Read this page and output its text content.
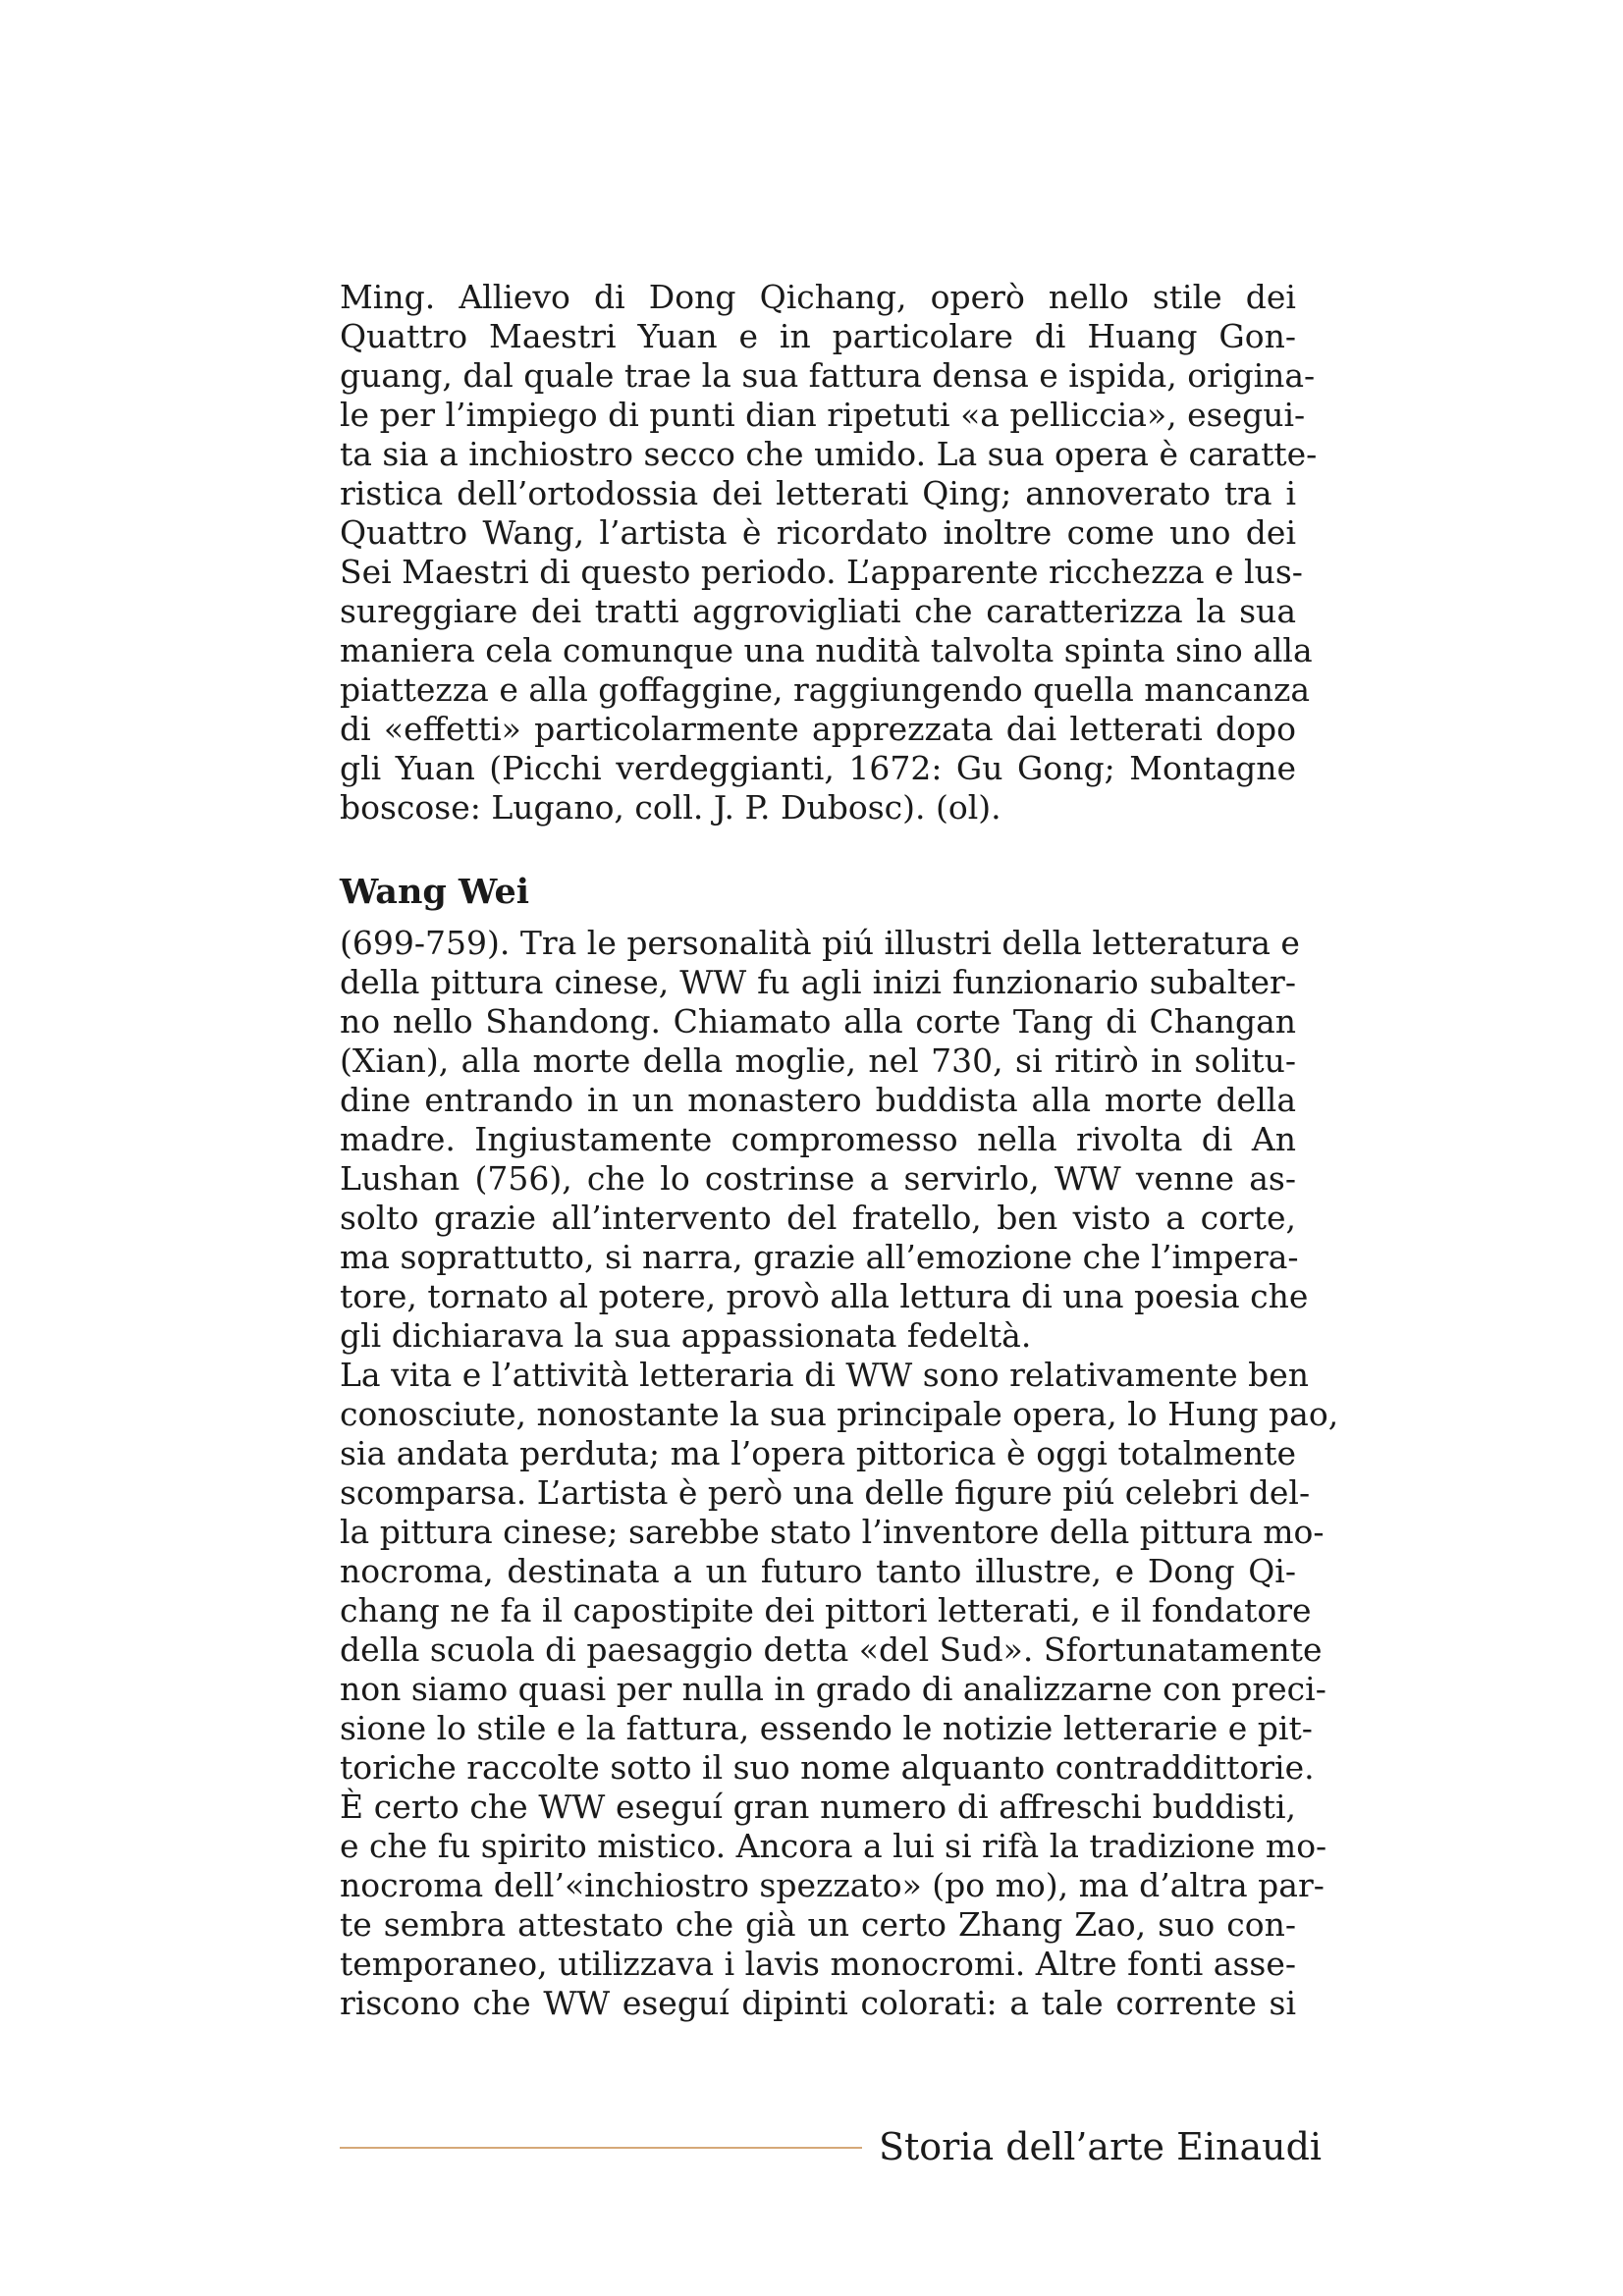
Ming. Allievo di Dong Qichang, operò nello stile dei
Quattro Maestri Yuan e in particolare di Huang Gon-
guang, dal quale trae la sua fattura densa e ispida, origina-
le per l’impiego di punti dian ripetuti «a pelliccia», esegui-
ta sia a inchiostro secco che umido. La sua opera è caratte-
ristica dell’ortodossia dei letterati Qing; annoverato tra i
Quattro Wang, l’artista è ricordato inoltre come uno dei
Sei Maestri di questo periodo. L’apparente ricchezza e lus-
sureggiare dei tratti aggrovigliati che caratterizza la sua
maniera cela comunque una nudità talvolta spinta sino alla
piattezza e alla goffaggine, raggiungendo quella mancanza
di «effetti» particolarmente apprezzata dai letterati dopo
gli Yuan (Picchi verdeggianti, 1672: Gu Gong; Montagne
boscose: Lugano, coll. J. P. Dubosc). (ol).
Wang Wei
(699-759). Tra le personalità piú illustri della letteratura e
della pittura cinese, WW fu agli inizi funzionario subalter-
no nello Shandong. Chiamato alla corte Tang di Changan
(Xian), alla morte della moglie, nel 730, si ritirò in solitu-
dine entrando in un monastero buddista alla morte della
madre. Ingiustamente compromesso nella rivolta di An
Lushan (756), che lo costrinse a servirlo, WW venne as-
solto grazie all’intervento del fratello, ben visto a corte,
ma soprattutto, si narra, grazie all’emozione che l’impera-
tore, tornato al potere, provò alla lettura di una poesia che
gli dichiarava la sua appassionata fedeltà.
La vita e l’attività letteraria di WW sono relativamente ben
conosciute, nonostante la sua principale opera, lo Hung pao,
sia andata perduta; ma l’opera pittorica è oggi totalmente
scomparsa. L’artista è però una delle figure piú celebri del-
la pittura cinese; sarebbe stato l’inventore della pittura mo-
nocroma, destinata a un futuro tanto illustre, e Dong Qi-
chang ne fa il capostipite dei pittori letterati, e il fondatore
della scuola di paesaggio detta «del Sud». Sfortunatamente
non siamo quasi per nulla in grado di analizzarne con preci-
sione lo stile e la fattura, essendo le notizie letterarie e pit-
toriche raccolte sotto il suo nome alquanto contraddittorie.
È certo che WW eseguí gran numero di affreschi buddisti,
e che fu spirito mistico. Ancora a lui si rifà la tradizione mo-
nocroma dell’«inchiostro spezzato» (po mo), ma d’altra par-
te sembra attestato che già un certo Zhang Zao, suo con-
temporaneo, utilizzava i lavis monocromi. Altre fonti asse-
riscono che WW eseguí dipinti colorati: a tale corrente si
Storia dell’arte Einaudi
